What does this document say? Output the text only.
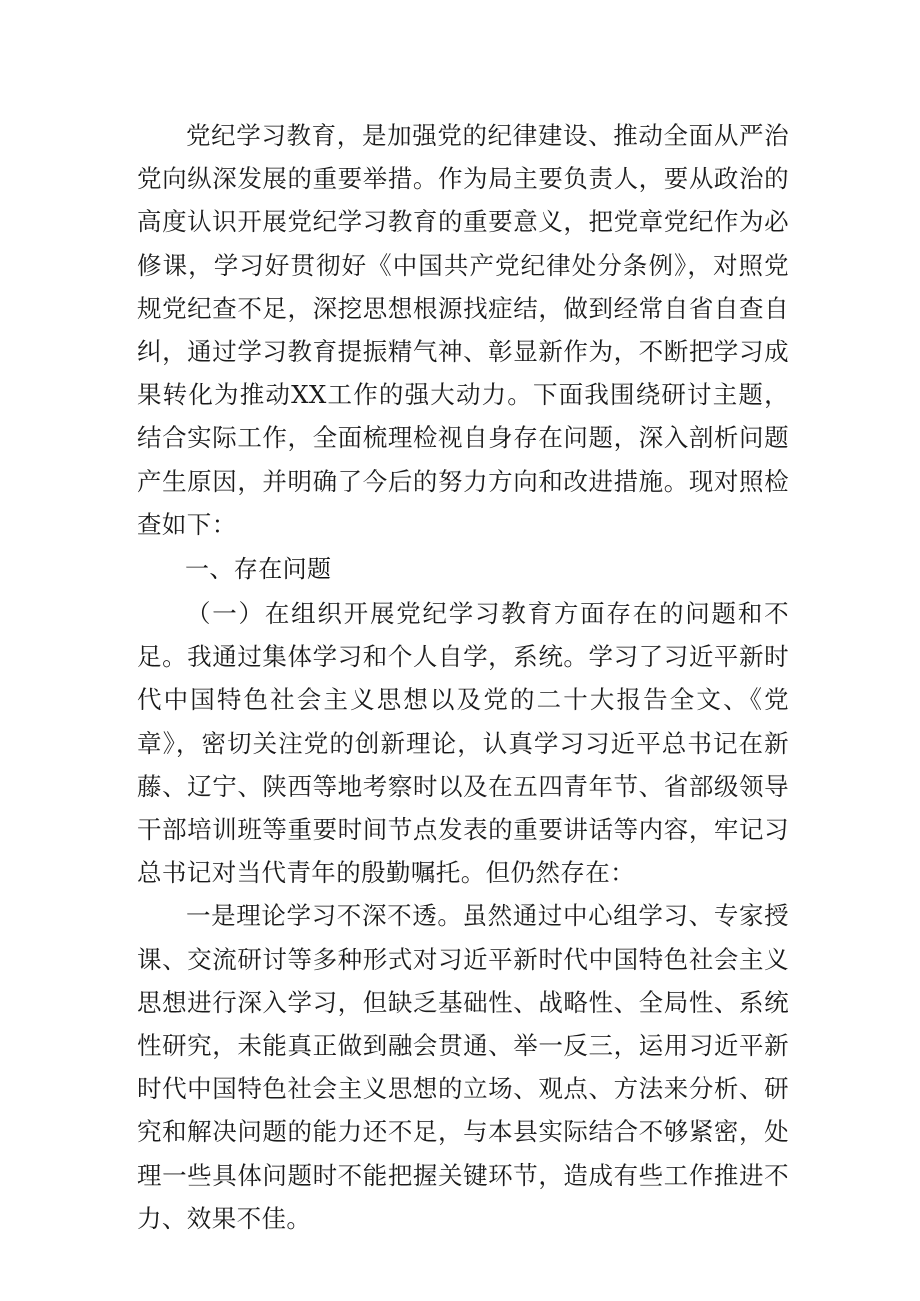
党纪学习教育，是加强党的纪律建设、推动全面从严治党向纵深发展的重要举措。作为局主要负责人，要从政治的高度认识开展党纪学习教育的重要意义，把党章党纪作为必修课，学习好贯彻好《中国共产党纪律处分条例》，对照党规党纪查不足，深挖思想根源找症结，做到经常自省自查自纠，通过学习教育提振精气神、彰显新作为，不断把学习成果转化为推动XX工作的强大动力。下面我围绕研讨主题，结合实际工作，全面梳理检视自身存在问题，深入剖析问题产生原因，并明确了今后的努力方向和改进措施。现对照检查如下：

一、存在问题

（一）在组织开展党纪学习教育方面存在的问题和不足。我通过集体学习和个人自学，系统。学习了习近平新时代中国特色社会主义思想以及党的二十大报告全文、《党章》，密切关注党的创新理论，认真学习习近平总书记在新藤、辽宁、陕西等地考察时以及在五四青年节、省部级领导干部培训班等重要时间节点发表的重要讲话等内容，牢记习总书记对当代青年的殷勤嘱托。但仍然存在：

一是理论学习不深不透。虽然通过中心组学习、专家授课、交流研讨等多种形式对习近平新时代中国特色社会主义思想进行深入学习，但缺乏基础性、战略性、全局性、系统性研究，未能真正做到融会贯通、举一反三，运用习近平新时代中国特色社会主义思想的立场、观点、方法来分析、研究和解决问题的能力还不足，与本县实际结合不够紧密，处理一些具体问题时不能把握关键环节，造成有些工作推进不力、效果不佳。
